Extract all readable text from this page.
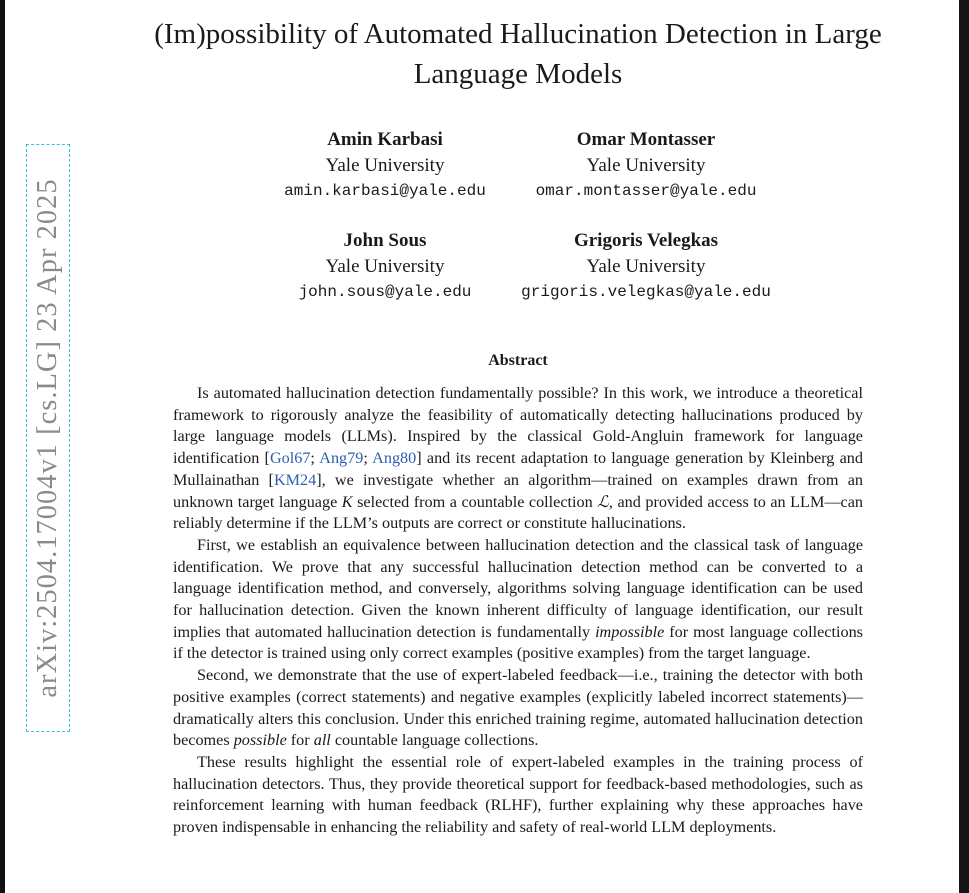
arXiv:2504.17004v1 [cs.LG] 23 Apr 2025
(Im)possibility of Automated Hallucination Detection in Large Language Models
Amin Karbasi
Yale University
amin.karbasi@yale.edu
Omar Montasser
Yale University
omar.montasser@yale.edu
John Sous
Yale University
john.sous@yale.edu
Grigoris Velegkas
Yale University
grigoris.velegkas@yale.edu
Abstract

Is automated hallucination detection fundamentally possible? In this work, we introduce a theoretical framework to rigorously analyze the feasibility of automatically detecting hallucinations produced by large language models (LLMs). Inspired by the classical Gold-Angluin framework for language identification [Gol67; Ang79; Ang80] and its recent adaptation to language generation by Kleinberg and Mullainathan [KM24], we investigate whether an algorithm—trained on examples drawn from an unknown target language K selected from a countable collection ℒ, and provided access to an LLM—can reliably determine if the LLM’s outputs are correct or constitute hallucinations.

First, we establish an equivalence between hallucination detection and the classical task of language identification. We prove that any successful hallucination detection method can be converted to a language identification method, and conversely, algorithms solving language identification can be used for hallucination detection. Given the known inherent difficulty of language identification, our result implies that automated hallucination detection is fundamentally impossible for most language collections if the detector is trained using only correct examples (positive examples) from the target language.

Second, we demonstrate that the use of expert-labeled feedback—i.e., training the detector with both positive examples (correct statements) and negative examples (explicitly labeled incorrect statements)—dramatically alters this conclusion. Under this enriched training regime, automated hallucination detection becomes possible for all countable language collections.

These results highlight the essential role of expert-labeled examples in the training process of hallucination detectors. Thus, they provide theoretical support for feedback-based methodologies, such as reinforcement learning with human feedback (RLHF), further explaining why these approaches have proven indispensable in enhancing the reliability and safety of real-world LLM deployments.
